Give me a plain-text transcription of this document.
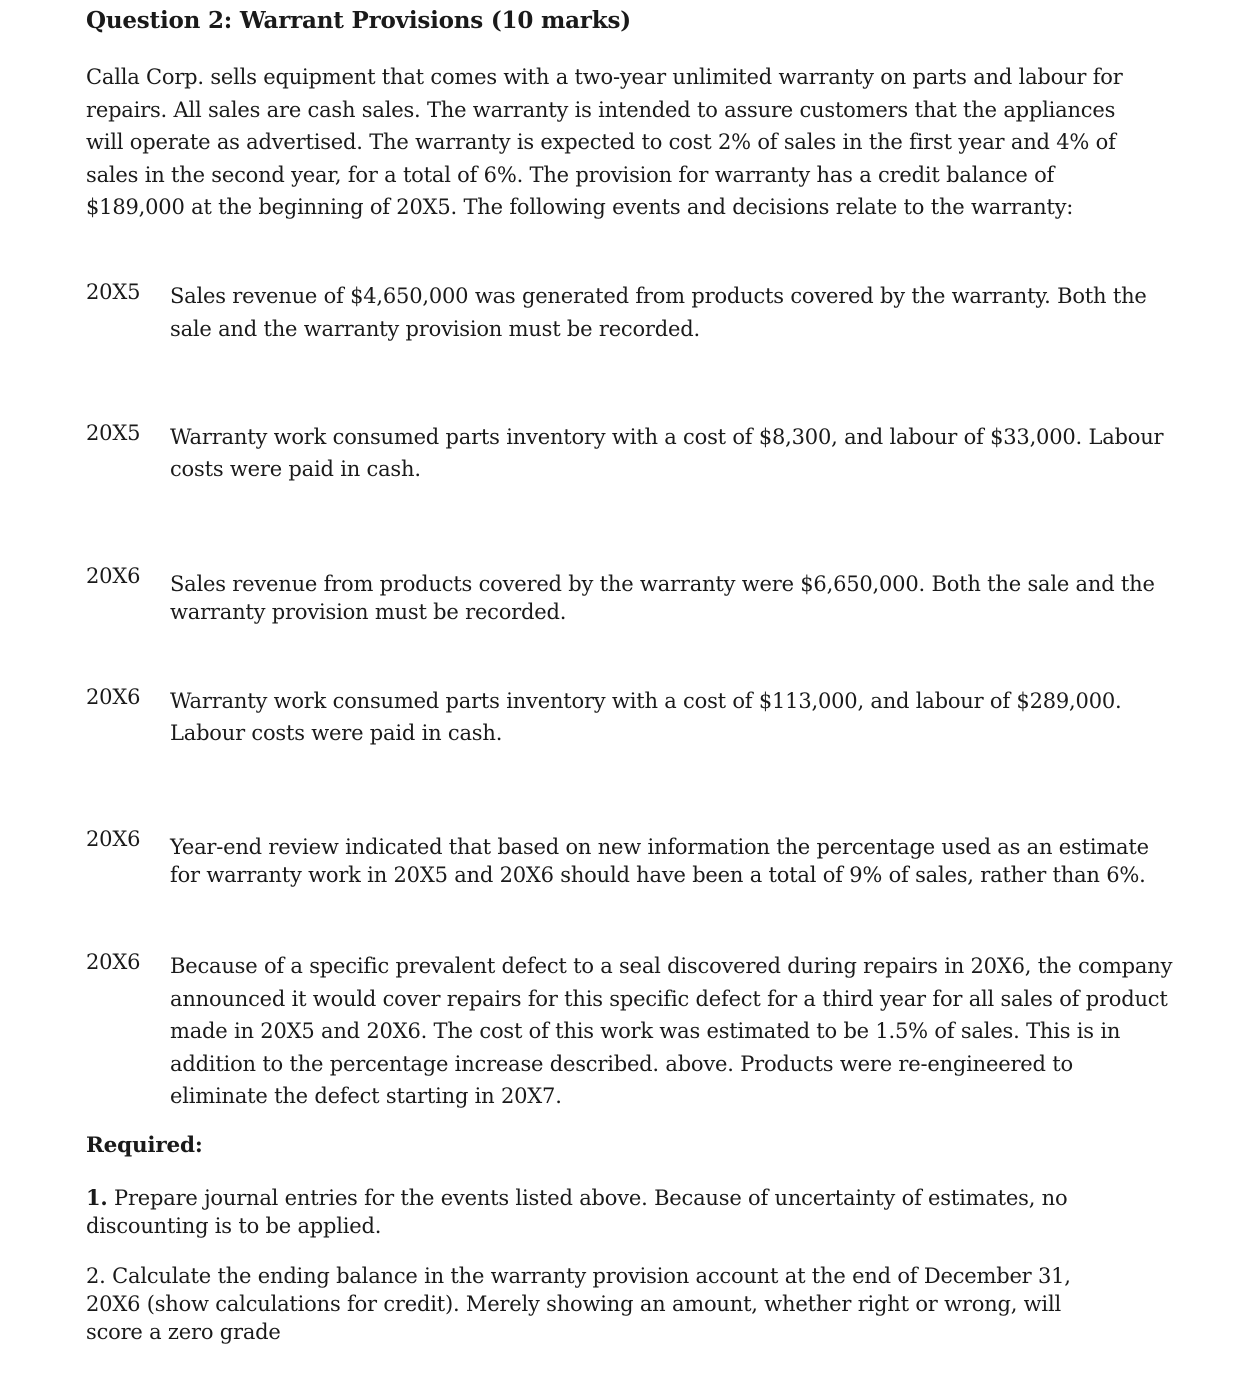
Question 2: Warrant Provisions (10 marks)
Calla Corp. sells equipment that comes with a two-year unlimited warranty on parts and labour for repairs. All sales are cash sales. The warranty is intended to assure customers that the appliances will operate as advertised. The warranty is expected to cost 2% of sales in the first year and 4% of sales in the second year, for a total of 6%. The provision for warranty has a credit balance of $189,000 at the beginning of 20X5. The following events and decisions relate to the warranty:
20X5 Sales revenue of $4,650,000 was generated from products covered by the warranty. Both the sale and the warranty provision must be recorded.
20X5 Warranty work consumed parts inventory with a cost of $8,300, and labour of $33,000. Labour costs were paid in cash.
20X6 Sales revenue from products covered by the warranty were $6,650,000. Both the sale and the warranty provision must be recorded.
20X6 Warranty work consumed parts inventory with a cost of $113,000, and labour of $289,000. Labour costs were paid in cash.
20X6 Year-end review indicated that based on new information the percentage used as an estimate for warranty work in 20X5 and 20X6 should have been a total of 9% of sales, rather than 6%.
20X6 Because of a specific prevalent defect to a seal discovered during repairs in 20X6, the company announced it would cover repairs for this specific defect for a third year for all sales of product made in 20X5 and 20X6. The cost of this work was estimated to be 1.5% of sales. This is in addition to the percentage increase described. above. Products were re-engineered to eliminate the defect starting in 20X7.
Required:
1. Prepare journal entries for the events listed above. Because of uncertainty of estimates, no discounting is to be applied.
2. Calculate the ending balance in the warranty provision account at the end of December 31, 20X6 (show calculations for credit). Merely showing an amount, whether right or wrong, will score a zero grade
